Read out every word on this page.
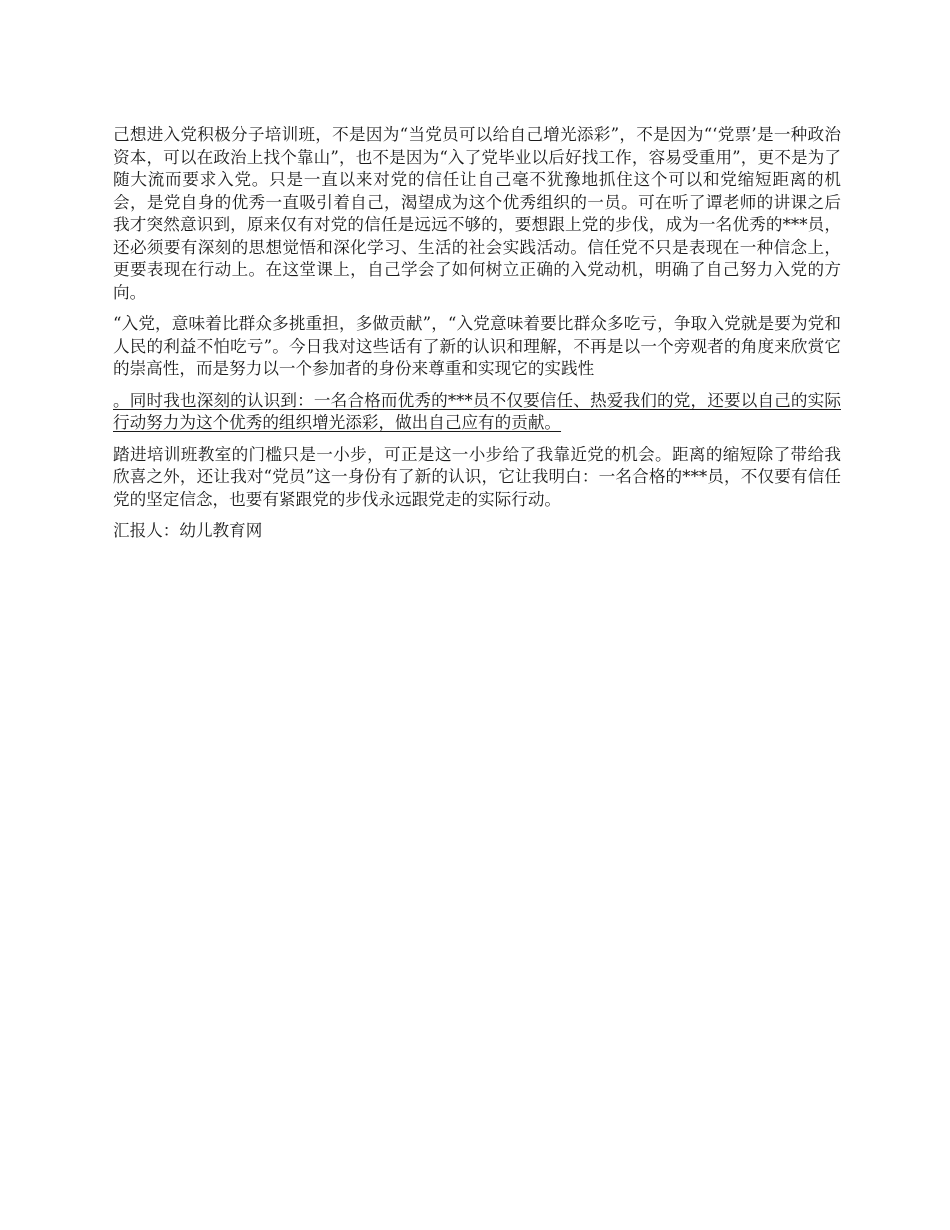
己想进入党积极分子培训班，不是因为“当党员可以给自己增光添彩”，不是因为“‘党票’是一种政治资本，可以在政治上找个靠山”，也不是因为“入了党毕业以后好找工作，容易受重用”，更不是为了随大流而要求入党。只是一直以来对党的信任让自己毫不犹豫地抓住这个可以和党缩短距离的机会，是党自身的优秀一直吸引着自己，渴望成为这个优秀组织的一员。可在听了谭老师的讲课之后我才突然意识到，原来仅有对党的信任是远远不够的，要想跟上党的步伐，成为一名优秀的***员，还必须要有深刻的思想觉悟和深化学习、生活的社会实践活动。信任党不只是表现在一种信念上，更要表现在行动上。在这堂课上，自己学会了如何树立正确的入党动机，明确了自己努力入党的方向。

“入党，意味着比群众多挑重担，多做贡献”，“入党意味着要比群众多吃亏，争取入党就是要为党和人民的利益不怕吃亏”。今日我对这些话有了新的认识和理解，不再是以一个旁观者的角度来欣赏它的崇高性，而是努力以一个参加者的身份来尊重和实现它的实践性

。同时我也深刻的认识到：一名合格而优秀的***员不仅要信任、热爱我们的党，还要以自己的实际行动努力为这个优秀的组织增光添彩，做出自己应有的贡献。

踏进培训班教室的门槛只是一小步，可正是这一小步给了我靠近党的机会。距离的缩短除了带给我欣喜之外，还让我对“党员”这一身份有了新的认识，它让我明白：一名合格的***员，不仅要有信任党的坚定信念，也要有紧跟党的步伐永远跟党走的实际行动。

汇报人：幼儿教育网
